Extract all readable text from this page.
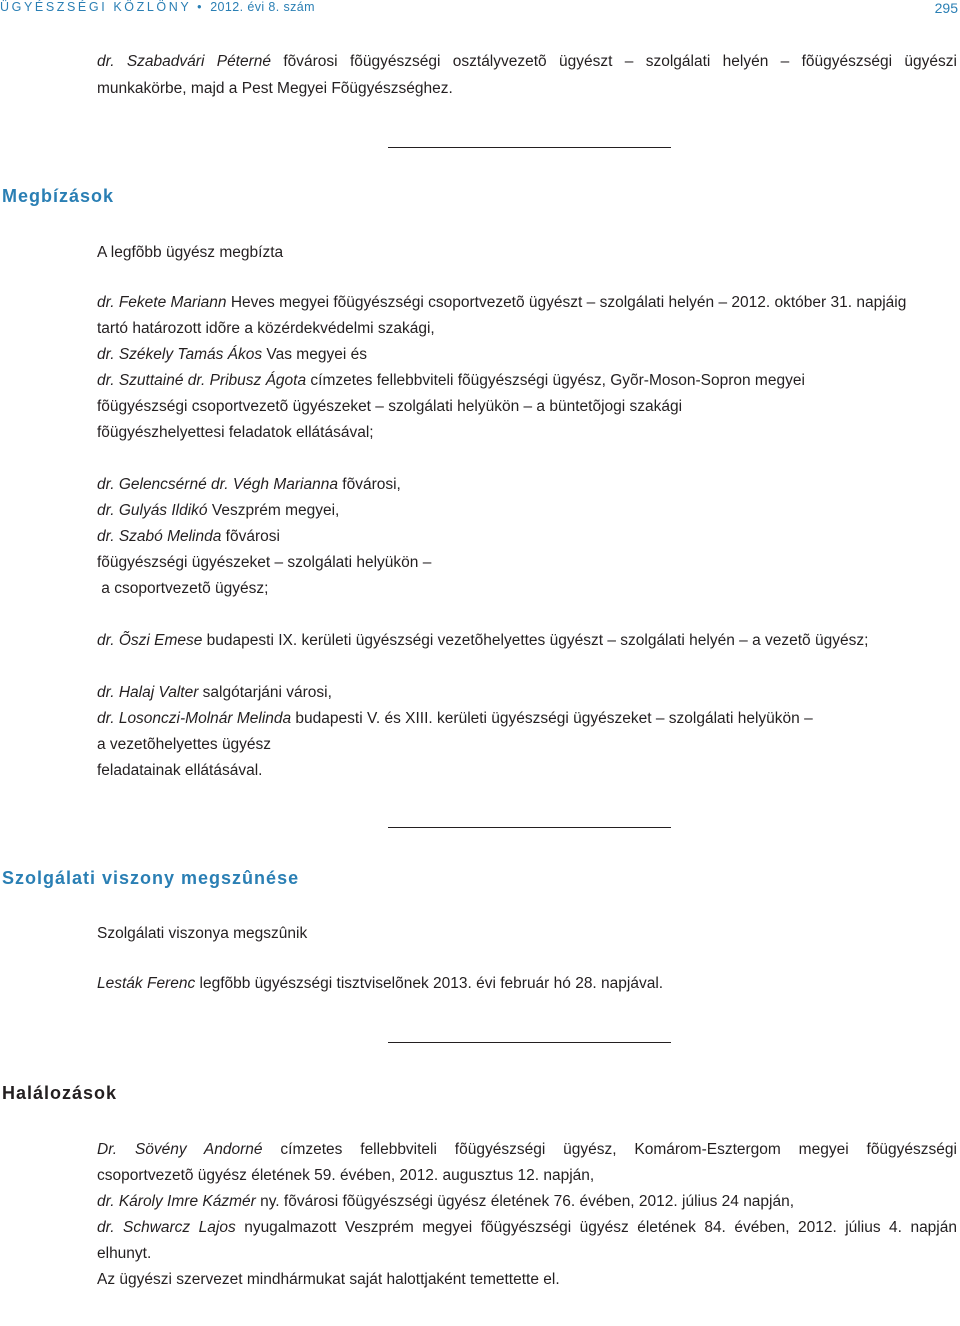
ÜGYÉSZSÉGI KÖZLÖNY • 2012. évi 8. szám	295

dr. Szabadvári Péterné fõvárosi fõügyészségi osztályvezetõ ügyészt – szolgálati helyén – fõügyészségi ügyészi

munkakörbe, majd a Pest Megyei Fõügyészséghez.

Megbízások

A legfõbb ügyész megbízta

dr. Fekete Mariann Heves megyei fõügyészségi csoportvezetõ ügyészt – szolgálati helyén – 2012. október 31. napjáig

tartó határozott idõre a közérdekvédelmi szakági,

dr. Székely Tamás Ákos Vas megyei és

dr. Szuttainé dr. Pribusz Ágota címzetes fellebbviteli fõügyészségi ügyész, Gyõr-Moson-Sopron megyei

fõügyészségi csoportvezetõ ügyészeket – szolgálati helyükön – a büntetõjogi szakági

fõügyészhelyettesi feladatok ellátásával;

dr. Gelencsérné dr. Végh Marianna fõvárosi,

dr. Gulyás Ildikó Veszprém megyei,

dr. Szabó Melinda fõvárosi

fõügyészségi ügyészeket – szolgálati helyükön –

a csoportvezetõ ügyész;

dr. Õszi Emese budapesti IX. kerületi ügyészségi vezetõhelyettes ügyészt – szolgálati helyén – a vezetõ ügyész;

dr. Halaj Valter salgótarjáni városi,

dr. Losonczi-Molnár Melinda budapesti V. és XIII. kerületi ügyészségi ügyészeket – szolgálati helyükön –

a vezetõhelyettes ügyész

feladatainak ellátásával.

Szolgálati viszony megszûnése

Szolgálati viszonya megszûnik

Lesták Ferenc legfõbb ügyészségi tisztviselõnek 2013. évi február hó 28. napjával.

Halálozások

Dr. Sövény Andorné címzetes fellebbviteli fõügyészségi ügyész, Komárom-Esztergom megyei fõügyészségi

csoportvezetõ ügyész életének 59. évében, 2012. augusztus 12. napján,

dr. Károly Imre Kázmér ny. fõvárosi fõügyészségi ügyész életének 76. évében, 2012. július 24 napján,

dr. Schwarcz Lajos nyugalmazott Veszprém megyei fõügyészségi ügyész életének 84. évében, 2012. július 4. napján

elhunyt.

Az ügyészi szervezet mindhármukat saját halottjaként temettette el.
